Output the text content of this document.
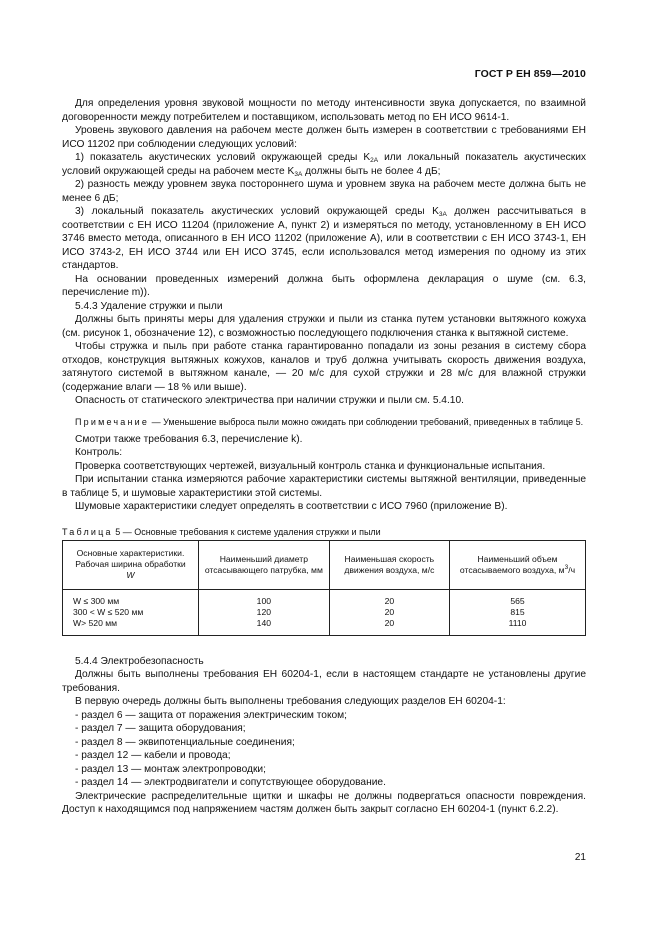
ГОСТ Р ЕН 859—2010

Для определения уровня звуковой мощности по методу интенсивности звука допускается, по взаимной договоренности между потребителем и поставщиком, использовать метод по ЕН ИСО 9614-1.

Уровень звукового давления на рабочем месте должен быть измерен в соответствии с требованиями ЕН ИСО 11202 при соблюдении следующих условий:

1) показатель акустических условий окружающей среды $K_{2A}$ или локальный показатель акустических условий окружающей среды на рабочем месте $K_{3A}$ должны быть не более 4 дБ;

2) разность между уровнем звука постороннего шума и уровнем звука на рабочем месте должна быть не менее 6 дБ;

3) локальный показатель акустических условий окружающей среды $K_{3A}$ должен рассчитываться в соответствии с ЕН ИСО 11204 (приложение А, пункт 2) и измеряться по методу, установленному в ЕН ИСО 3746 вместо метода, описанного в ЕН ИСО 11202 (приложение А), или в соответствии с ЕН ИСО 3743-1, ЕН ИСО 3743-2, ЕН ИСО 3744 или ЕН ИСО 3745, если использовался метод измерения по одному из этих стандартов.

На основании проведенных измерений должна быть оформлена декларация о шуме (см. 6.3, перечисление m)).

5.4.3 Удаление стружки и пыли

Должны быть приняты меры для удаления стружки и пыли из станка путем установки вытяжного кожуха (см. рисунок 1, обозначение 12), с возможностью последующего подключения станка к вытяжной системе.

Чтобы стружка и пыль при работе станка гарантированно попадали из зоны резания в систему сбора отходов, конструкция вытяжных кожухов, каналов и труб должна учитывать скорость движения воздуха, затянутого системой в вытяжном канале, — 20 м/с для сухой стружки и 28 м/с для влажной стружки (содержание влаги — 18 % или выше).

Опасность от статического электричества при наличии стружки и пыли см. 5.4.10.

Примечание — Уменьшение выброса пыли можно ожидать при соблюдении требований, приведенных в таблице 5.

Смотри также требования 6.3, перечисление k).

Контроль:

Проверка соответствующих чертежей, визуальный контроль станка и функциональные испытания.

При испытании станка измеряются рабочие характеристики системы вытяжной вентиляции, приведенные в таблице 5, и шумовые характеристики этой системы.

Шумовые характеристики следует определять в соответствии с ИСО 7960 (приложение В).

Таблица 5 — Основные требования к системе удаления стружки и пыли
Основные характеристики.
Рабочая ширина обработки
W	Наименьший диаметр отсасывающего патрубка, мм	Наименьшая скорость движения воздуха, м/с	Наименьший объем отсасываемого воздуха, $м^3/ч$
W ≤ 300 мм	100	20	565
300 < W ≤ 520 мм	120	20	815
W> 520 мм	140	20	1110

5.4.4 Электробезопасность

Должны быть выполнены требования ЕН 60204-1, если в настоящем стандарте не установлены другие требования.

В первую очередь должны быть выполнены требования следующих разделов ЕН 60204-1:

- раздел 6 — защита от поражения электрическим током;

- раздел 7 — защита оборудования;

- раздел 8 — эквипотенциальные соединения;

- раздел 12 — кабели и провода;

- раздел 13 — монтаж электропроводки;

- раздел 14 — электродвигатели и сопутствующее оборудование.

Электрические распределительные щитки и шкафы не должны подвергаться опасности повреждения. Доступ к находящимся под напряжением частям должен быть закрыт согласно ЕН 60204-1 (пункт 6.2.2).

21
